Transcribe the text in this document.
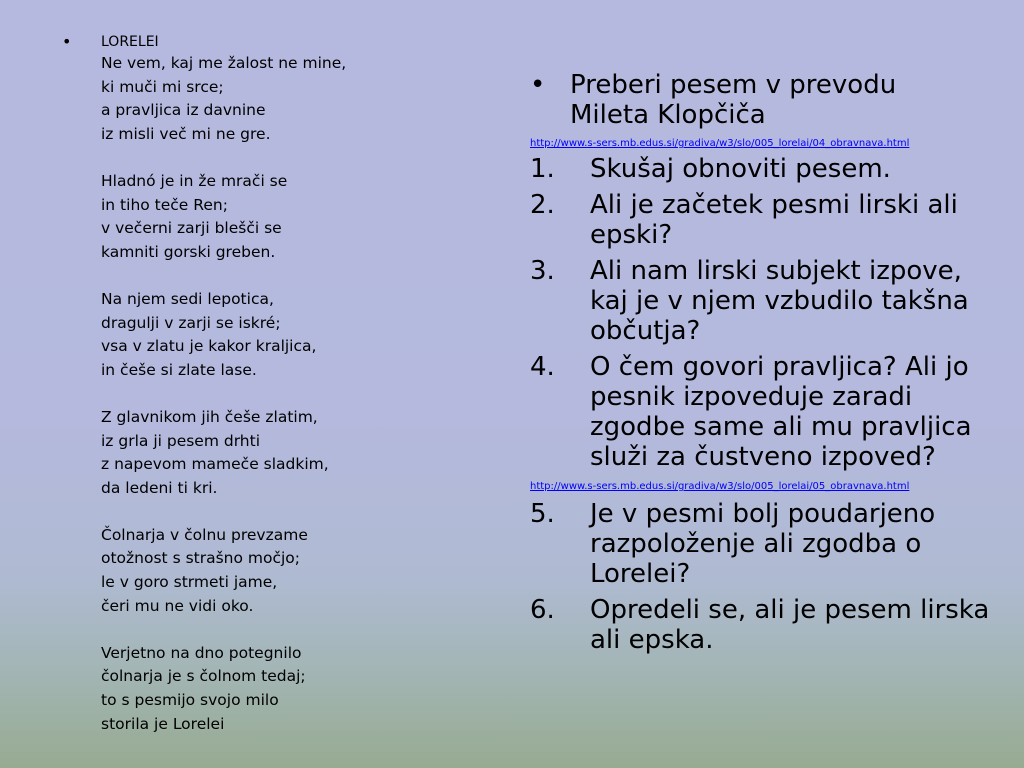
• LORELEI
Ne vem, kaj me žalost ne mine,
ki muči mi srce;
a pravljica iz davnine
iz misli več mi ne gre.
Hladnó je in že mrači se
in tiho teče Ren;
v večerni zarji blešči se
kamniti gorski greben.
Na njem sedi lepotica,
dragulji v zarji se iskré;
vsa v zlatu je kakor kraljica,
in češe si zlate lase.
Z glavnikom jih češe zlatim,
iz grla ji pesem drhti
z napevom mameče sladkim,
da ledeni ti kri.
Čolnarja v čolnu prevzame
otožnost s strašno močjo;
le v goro strmeti jame,
čeri mu ne vidi oko.
Verjetno na dno potegnilo
čolnarja je s čolnom tedaj;
to s pesmijo svojo milo
storila je Lorelei
• Preberi pesem v prevodu Mileta Klopčiča
http://www.s-sers.mb.edus.si/gradiva/w3/slo/005_lorelai/04_obravnava.html
1. Skušaj obnoviti pesem.
2. Ali je začetek pesmi lirski ali epski?
3. Ali nam lirski subjekt izpove, kaj je v njem vzbudilo takšna občutja?
4. O čem govori pravljica? Ali jo pesnik izpoveduje zaradi zgodbe same ali mu pravljica služi za čustveno izpoved?
http://www.s-sers.mb.edus.si/gradiva/w3/slo/005_lorelai/05_obravnava.html
5. Je v pesmi bolj poudarjeno razpoloženje ali zgodba o Lorelei?
6. Opredeli se, ali je pesem lirska ali epska.
